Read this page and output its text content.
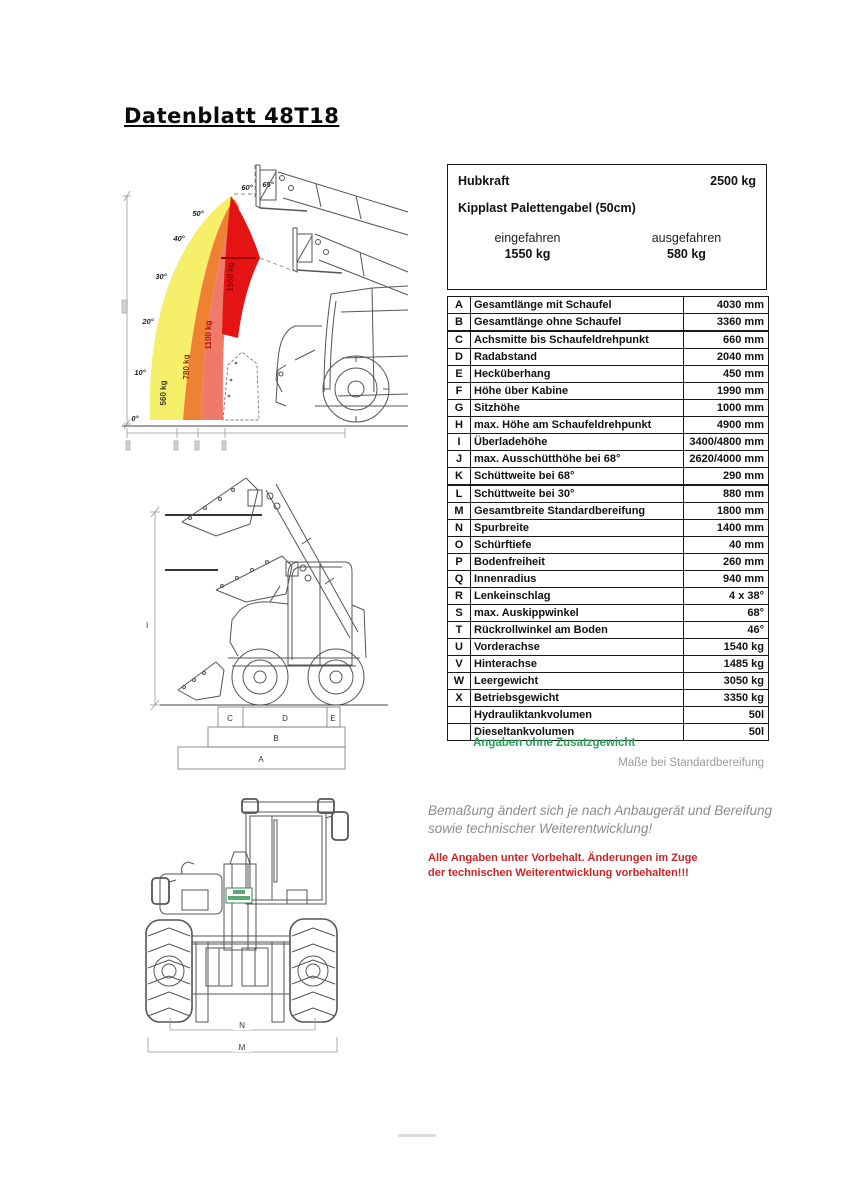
Datenblatt 48T18
560 kg
780 kg
1100 kg
1550 kg
0°
10°
20°
30°
40°
50°
60° 65°	Hubkraft	2500 kg
Kipplast Palettengabel (50cm)
eingefahren
1550 kg
ausgefahren
580 kg
A	Gesamtlänge mit Schaufel	4030 mm
B	Gesamtlänge ohne Schaufel	3360 mm
C	Achsmitte bis Schaufeldrehpunkt	660 mm
D	Radabstand	2040 mm
E	Hecküberhang	450 mm
F	Höhe über Kabine	1990 mm
G	Sitzhöhe	1000 mm
H	max. Höhe am Schaufeldrehpunkt	4900 mm
I	Überladehöhe	3400/4800 mm
J	max. Ausschütthöhe bei 68°	2620/4000 mm
K	Schüttweite bei 68°	290 mm
L	Schüttweite bei 30°	880 mm
M	Gesamtbreite Standardbereifung	1800 mm
N	Spurbreite	1400 mm
O	Schürftiefe	40 mm
P	Bodenfreiheit	260 mm
Q	Innenradius	940 mm
R	Lenkeinschlag	4 x 38°
S	max. Auskippwinkel	68°
T	Rückrollwinkel am Boden	46°
U	Vorderachse	1540 kg
V	Hinterachse	1485 kg
W	Leergewicht	3050 kg
X	Betriebsgewicht	3350 kg
	Hydrauliktankvolumen	50l
	Dieseltankvolumen	50l
Angaben ohne Zusatzgewicht
Maße bei Standardbereifung
Bemaßung ändert sich je nach Anbaugerät und Bereifung
sowie technischer Weiterentwicklung!
Alle Angaben unter Vorbehalt. Änderungen im Zuge
der technischen Weiterentwicklung vorbehalten!!!
I
C	D	E
B
A
N
M
